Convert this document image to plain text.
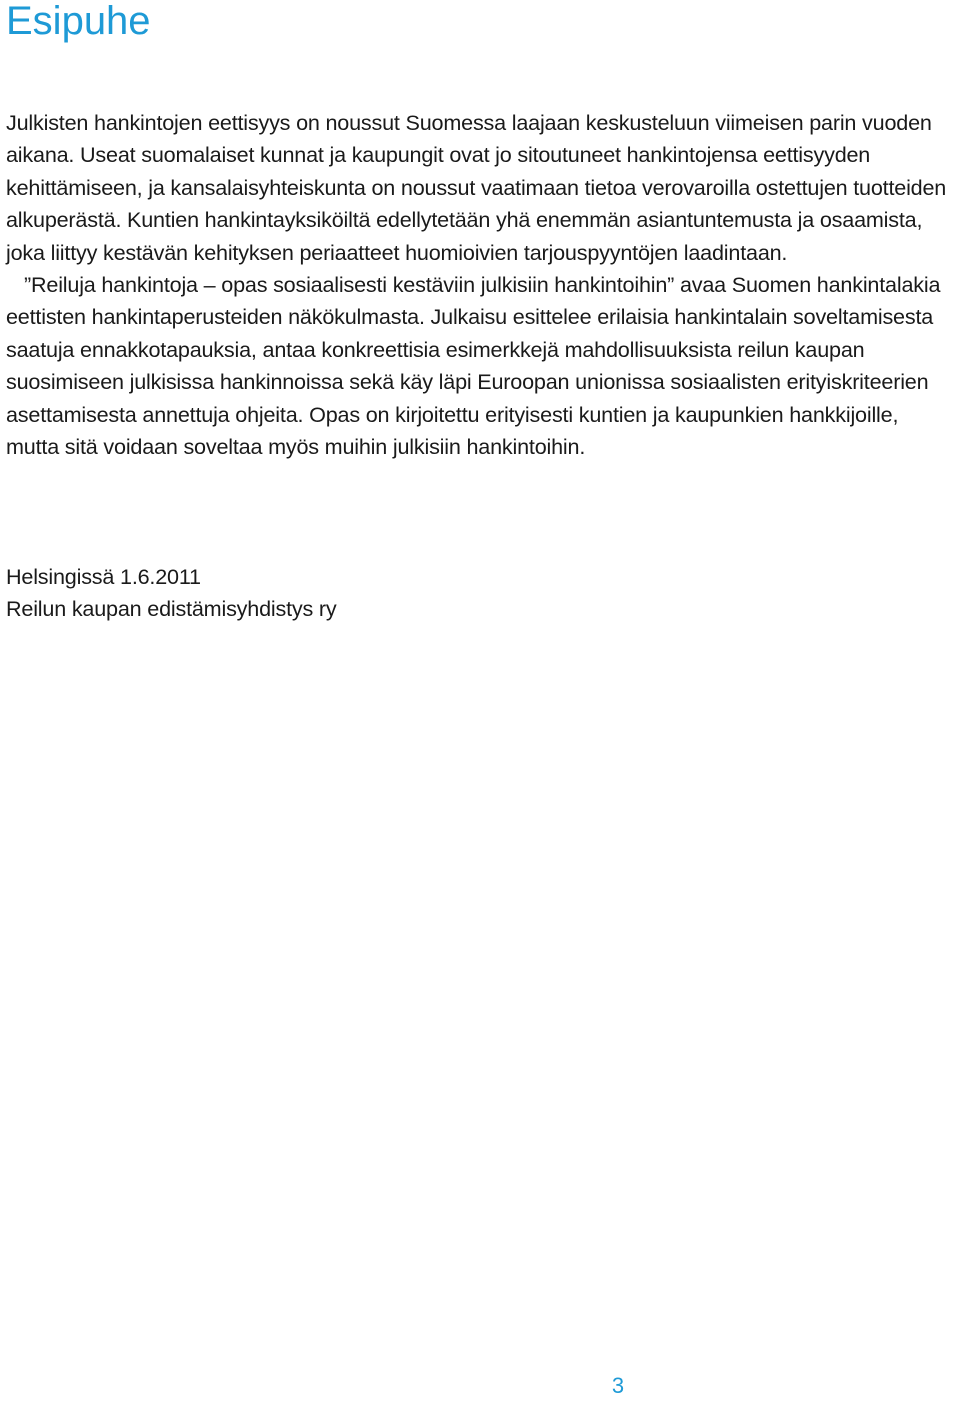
Esipuhe

Julkisten hankintojen eettisyys on noussut Suomessa laajaan keskusteluun viimeisen parin vuoden aikana. Useat suomalaiset kunnat ja kaupungit ovat jo sitoutuneet hankintojensa eettisyyden kehittämiseen, ja kansalaisyhteiskunta on noussut vaatimaan tietoa verovaroilla ostettujen tuotteiden alkuperästä. Kuntien hankintayksiköiltä edellytetään yhä enemmän asiantuntemusta ja osaamista, joka liittyy kestävän kehityksen periaatteet huomioivien tarjouspyyntöjen laadintaan.

”Reiluja hankintoja – opas sosiaalisesti kestäviin julkisiin hankintoihin” avaa Suomen hankintalakia eettisten hankintaperusteiden näkökulmasta. Julkaisu esittelee erilaisia hankintalain soveltamisesta saatuja ennakkotapauksia, antaa konkreettisia esimerkkejä mahdollisuuksista reilun kaupan suosimiseen julkisissa hankinnoissa sekä käy läpi Euroopan unionissa sosiaalisten erityiskriteerien asettamisesta annettuja ohjeita. Opas on kirjoitettu erityisesti kuntien ja kaupunkien hankkijoille, mutta sitä voidaan soveltaa myös muihin julkisiin hankintoihin.

Helsingissä 1.6.2011
Reilun kaupan edistämisyhdistys ry
3
